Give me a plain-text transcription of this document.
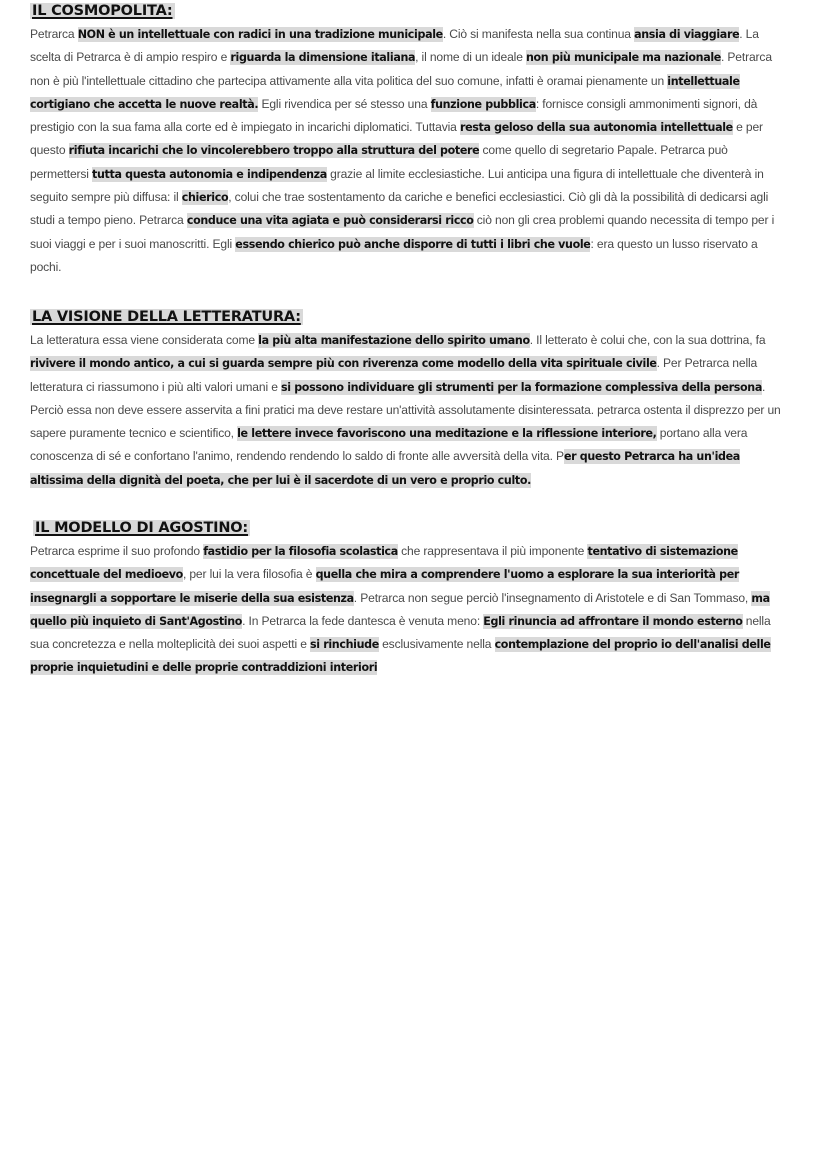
IL COSMOPOLITA:

Petrarca NON è un intellettuale con radici in una tradizione municipale. Ciò si manifesta nella sua continua ansia di viaggiare. La scelta di Petrarca è di ampio respiro e riguarda la dimensione italiana, il nome di un ideale non più municipale ma nazionale. Petrarca non è più l'intellettuale cittadino che partecipa attivamente alla vita politica del suo comune, infatti è oramai pienamente un intellettuale cortigiano che accetta le nuove realtà. Egli rivendica per sé stesso una funzione pubblica: fornisce consigli ammonimenti signori, dà prestigio con la sua fama alla corte ed è impiegato in incarichi diplomatici. Tuttavia resta geloso della sua autonomia intellettuale e per questo rifiuta incarichi che lo vincolerebbero troppo alla struttura del potere come quello di segretario Papale. Petrarca può permettersi tutta questa autonomia e indipendenza grazie al limite ecclesiastiche. Lui anticipa una figura di intellettuale che diventerà in seguito sempre più diffusa: il chierico, colui che trae sostentamento da cariche e benefici ecclesiastici. Ciò gli dà la possibilità di dedicarsi agli studi a tempo pieno. Petrarca conduce una vita agiata e può considerarsi ricco ciò non gli crea problemi quando necessita di tempo per i suoi viaggi e per i suoi manoscritti. Egli essendo chierico può anche disporre di tutti i libri che vuole: era questo un lusso riservato a pochi.

LA VISIONE DELLA LETTERATURA:

La letteratura essa viene considerata come la più alta manifestazione dello spirito umano. Il letterato è colui che, con la sua dottrina, fa rivivere il mondo antico, a cui si guarda sempre più con riverenza come modello della vita spirituale civile. Per Petrarca nella letteratura ci riassumono i più alti valori umani e si possono individuare gli strumenti per la formazione complessiva della persona. Perciò essa non deve essere asservita a fini pratici ma deve restare un'attività assolutamente disinteressata. petrarca ostenta il disprezzo per un sapere puramente tecnico e scientifico, le lettere invece favoriscono una meditazione e la riflessione interiore, portano alla vera conoscenza di sé e confortano l'animo, rendendo rendendo lo saldo di fronte alle avversità della vita. Per questo Petrarca ha un'idea altissima della dignità del poeta, che per lui è il sacerdote di un vero e proprio culto.

IL MODELLO DI AGOSTINO:

Petrarca esprime il suo profondo fastidio per la filosofia scolastica che rappresentava il più imponente tentativo di sistemazione concettuale del medioevo, per lui la vera filosofia è quella che mira a comprendere l'uomo a esplorare la sua interiorità per insegnargli a sopportare le miserie della sua esistenza. Petrarca non segue perciò l'insegnamento di Aristotele e di San Tommaso, ma quello più inquieto di Sant'Agostino. In Petrarca la fede dantesca è venuta meno: Egli rinuncia ad affrontare il mondo esterno nella sua concretezza e nella molteplicità dei suoi aspetti e si rinchiude esclusivamente nella contemplazione del proprio io dell'analisi delle proprie inquietudini e delle proprie contraddizioni interiori
